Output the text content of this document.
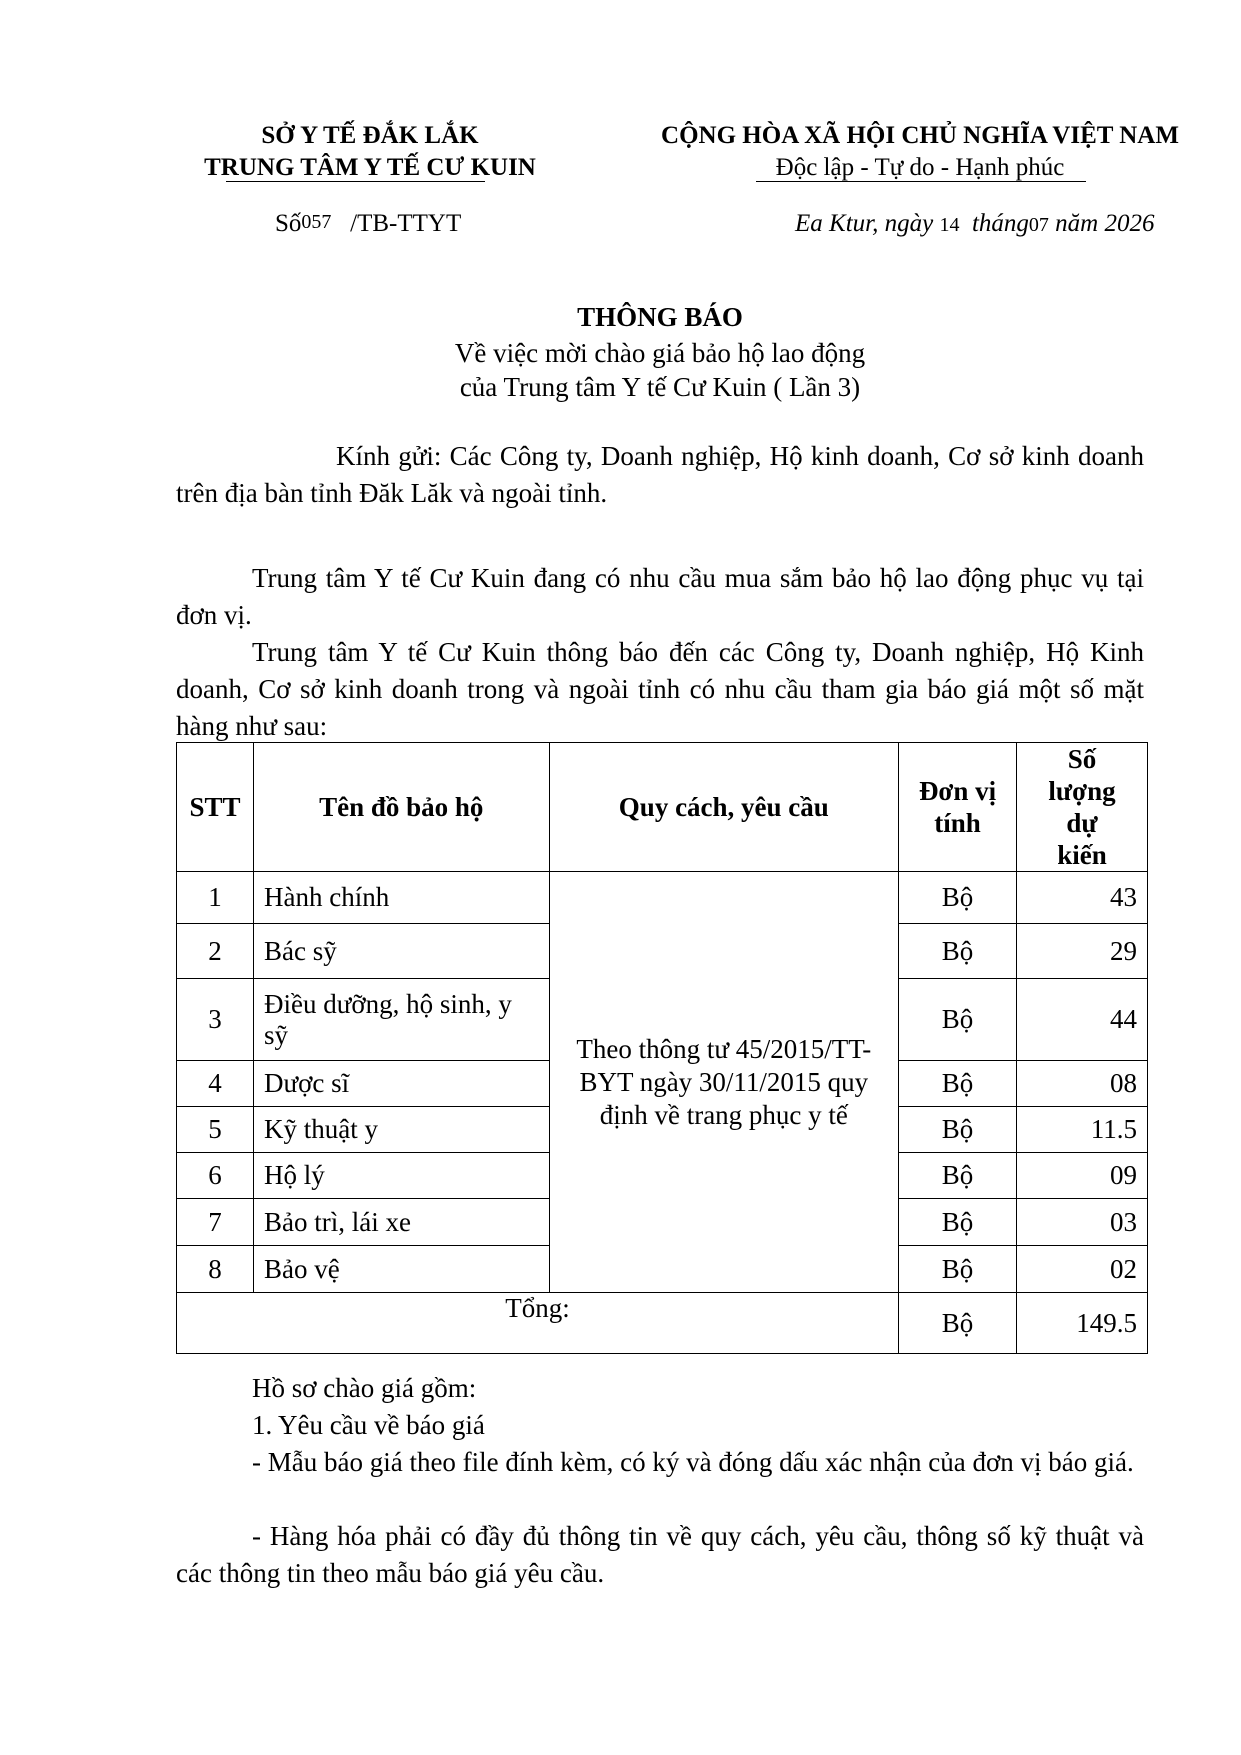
SỞ Y TẾ ĐẮK LẮK
TRUNG TÂM Y TẾ CƯ KUIN
CỘNG HÒA XÃ HỘI CHỦ NGHĨA VIỆT NAM
Độc lập - Tự do - Hạnh phúc
Số057 /TB-TTYT	Ea Ktur, ngày 14 tháng07 năm 2026
THÔNG BÁO
Về việc mời chào giá bảo hộ lao động
của Trung tâm Y tế Cư Kuin ( Lần 3)
Kính gửi: Các Công ty, Doanh nghiệp, Hộ kinh doanh, Cơ sở kinh doanh trên địa bàn tỉnh Đăk Lăk và ngoài tỉnh.
Trung tâm Y tế Cư Kuin đang có nhu cầu mua sắm bảo hộ lao động phục vụ tại đơn vị.
Trung tâm Y tế Cư Kuin thông báo đến các Công ty, Doanh nghiệp, Hộ Kinh doanh, Cơ sở kinh doanh trong và ngoài tỉnh có nhu cầu tham gia báo giá một số mặt hàng như sau:
STT	Tên đồ bảo hộ	Quy cách, yêu cầu	Đơn vị tính	Số lượng dự kiến

1	Hành chính	Theo thông tư 45/2015/TT-BYT ngày 30/11/2015 quy định về trang phục y tế	Bộ	43
2	Bác sỹ		Bộ	29
3	Điều dưỡng, hộ sinh, y sỹ		Bộ	44
4	Dược sĩ		Bộ	08
5	Kỹ thuật y		Bộ	11.5
6	Hộ lý		Bộ	09
7	Bảo trì, lái xe		Bộ	03
8	Bảo vệ		Bộ	02
Tổng:			Bộ	149.5
Hồ sơ chào giá gồm:
1. Yêu cầu về báo giá
- Mẫu báo giá theo file đính kèm, có ký và đóng dấu xác nhận của đơn vị báo giá.
- Hàng hóa phải có đầy đủ thông tin về quy cách, yêu cầu, thông số kỹ thuật và các thông tin theo mẫu báo giá yêu cầu.
